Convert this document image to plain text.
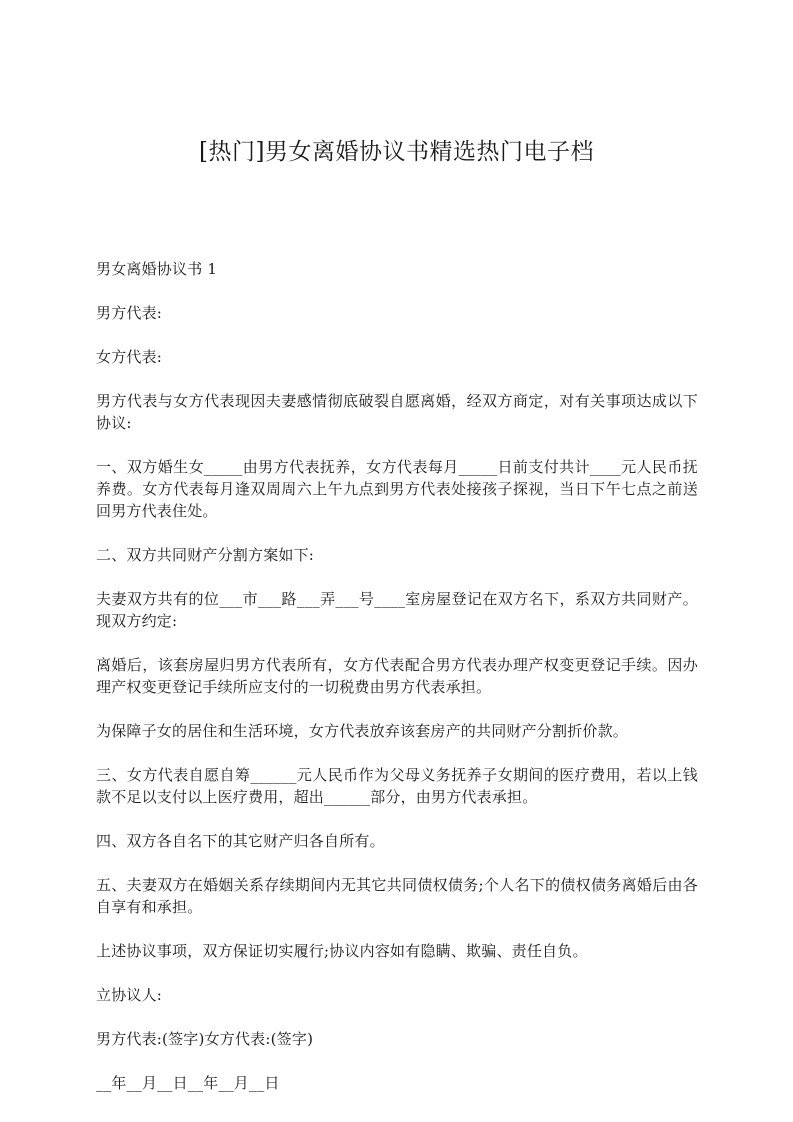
[热门]男女离婚协议书精选热门电子档

男女离婚协议书 1

男方代表:

女方代表:

男方代表与女方代表现因夫妻感情彻底破裂自愿离婚，经双方商定，对有关事项达成以下协议:

一、双方婚生女_____由男方代表抚养，女方代表每月_____日前支付共计____元人民币抚养费。女方代表每月逢双周周六上午九点到男方代表处接孩子探视，当日下午七点之前送回男方代表住处。

二、双方共同财产分割方案如下:

夫妻双方共有的位___市___路___弄___号____室房屋登记在双方名下，系双方共同财产。现双方约定:

离婚后，该套房屋归男方代表所有，女方代表配合男方代表办理产权变更登记手续。因办理产权变更登记手续所应支付的一切税费由男方代表承担。

为保障子女的居住和生活环境，女方代表放弃该套房产的共同财产分割折价款。

三、女方代表自愿自筹______元人民币作为父母义务抚养子女期间的医疗费用，若以上钱款不足以支付以上医疗费用，超出______部分，由男方代表承担。

四、双方各自名下的其它财产归各自所有。

五、夫妻双方在婚姻关系存续期间内无其它共同债权债务;个人名下的债权债务离婚后由各自享有和承担。

上述协议事项，双方保证切实履行;协议内容如有隐瞒、欺骗、责任自负。

立协议人:

男方代表:(签字)女方代表:(签字)

__年__月__日__年__月__日
